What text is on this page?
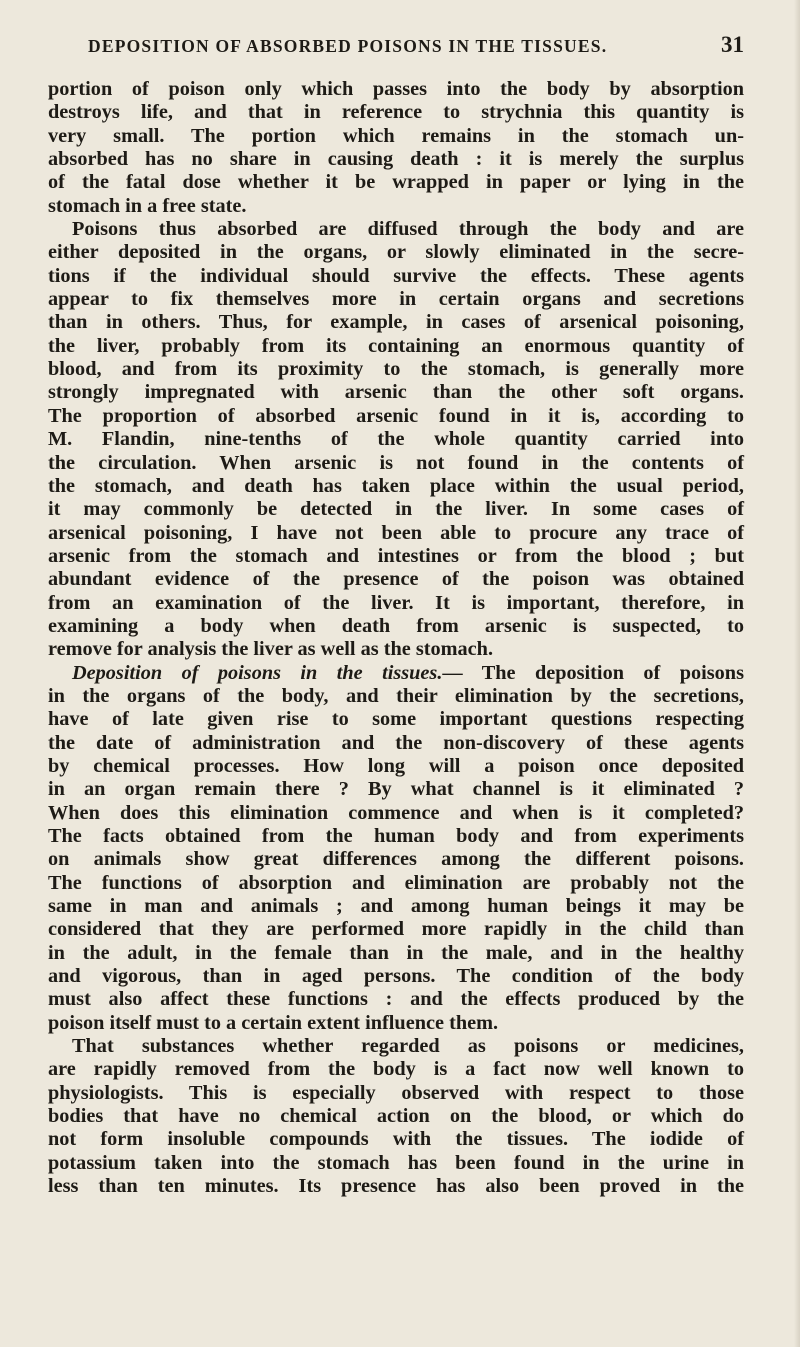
DEPOSITION OF ABSORBED POISONS IN THE TISSUES.	31
portion of poison only which passes into the body by absorption
destroys life, and that in reference to strychnia this quantity is
very small. The portion which remains in the stomach un-
absorbed has no share in causing death : it is merely the surplus
of the fatal dose whether it be wrapped in paper or lying in the
stomach in a free state.
Poisons thus absorbed are diffused through the body and are
either deposited in the organs, or slowly eliminated in the secre-
tions if the individual should survive the effects. These agents
appear to fix themselves more in certain organs and secretions
than in others. Thus, for example, in cases of arsenical poisoning,
the liver, probably from its containing an enormous quantity of
blood, and from its proximity to the stomach, is generally more
strongly impregnated with arsenic than the other soft organs.
The proportion of absorbed arsenic found in it is, according to
M. Flandin, nine-tenths of the whole quantity carried into
the circulation. When arsenic is not found in the contents of
the stomach, and death has taken place within the usual period,
it may commonly be detected in the liver. In some cases of
arsenical poisoning, I have not been able to procure any trace of
arsenic from the stomach and intestines or from the blood ; but
abundant evidence of the presence of the poison was obtained
from an examination of the liver. It is important, therefore, in
examining a body when death from arsenic is suspected, to
remove for analysis the liver as well as the stomach.
Deposition of poisons in the tissues.— The deposition of poisons
in the organs of the body, and their elimination by the secretions,
have of late given rise to some important questions respecting
the date of administration and the non-discovery of these agents
by chemical processes. How long will a poison once deposited
in an organ remain there ? By what channel is it eliminated ?
When does this elimination commence and when is it completed?
The facts obtained from the human body and from experiments
on animals show great differences among the different poisons.
The functions of absorption and elimination are probably not the
same in man and animals ; and among human beings it may be
considered that they are performed more rapidly in the child than
in the adult, in the female than in the male, and in the healthy
and vigorous, than in aged persons. The condition of the body
must also affect these functions : and the effects produced by the
poison itself must to a certain extent influence them.
That substances whether regarded as poisons or medicines,
are rapidly removed from the body is a fact now well known to
physiologists. This is especially observed with respect to those
bodies that have no chemical action on the blood, or which do
not form insoluble compounds with the tissues. The iodide of
potassium taken into the stomach has been found in the urine in
less than ten minutes. Its presence has also been proved in the
